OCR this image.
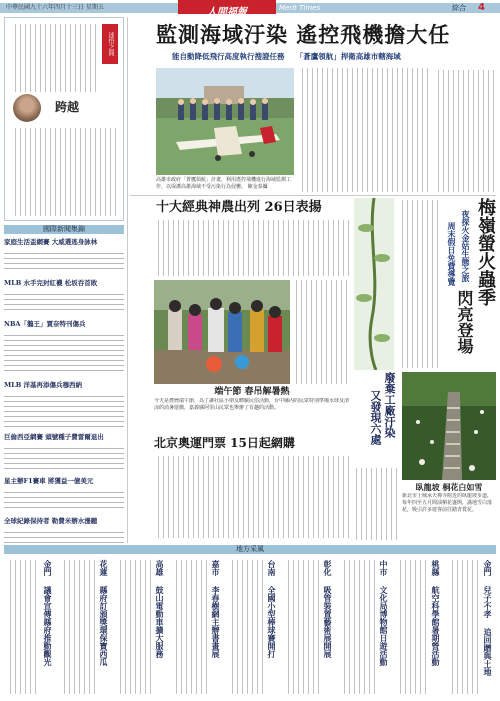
中華民國九十六年四月十三日 星期五	人間福報	Merit Times	綜合 4
迷悟之間
跨越
國際新聞集錦
家庭生活盃網賽 大威選逃身詠林
MLB 水手完封紅襪 松坂吞首敗
NBA「鵝王」賈奈特刊傷兵
MLB 洋基再添傷兵穆西納
巨倫西亞網賽 頭號種子費雷爾退出
星主辦F1賽車 將獲益一億美元
全球紀錄保持者 勒費米辦水漲聽
監測海域汙染 遙控飛機擔大任
能自動降低飛行高度執行搜證任務 「蒼鷹領航」捍衛高雄市轄海域
高雄市政府「蒼鷹領航」計畫，利用遙控飛機進行海域監測工作，以保護高雄海域不受污染行為侵襲。 陳金泰攝
十大經典神農出列 26日表揚
端午節 春吊解暑熱
今天是農曆端午節，為了讓社區小朋友體驗民俗活動，台中縣內的民眾特別準備水球及清涼的消暑遊戲，嘉義縣阿里山民眾也舉辦了有趣的活動。
北京奧運門票 15日起網購
廢棄工廠汙染
又發現六處
梅嶺螢火蟲季
閃亮登場
夜探火金姑生態之旅
周末假日免費導覽
臥龍坡 桐花白如雪
新北市土城承天禪寺附近的臥龍坡步道，每年四至五月間油桐花盛開，滿地雪白落花，吸引許多遊客前往踏青賞花。
地方采風
金門
議會宣傳縣府推動觀光
花蓮
縣府訂頒獎環保寶西瓜
高雄
鼓山電動車擴大服務
嘉市
李春樹網主辦書畫展
台南
全國小型棒球賽開打
彰化
吸管裝置藝術展開展
中市
文化局博物館日遊活動
桃縣
航空科學館暑期營活動
金門
兒子不孝 追回贈與土地
